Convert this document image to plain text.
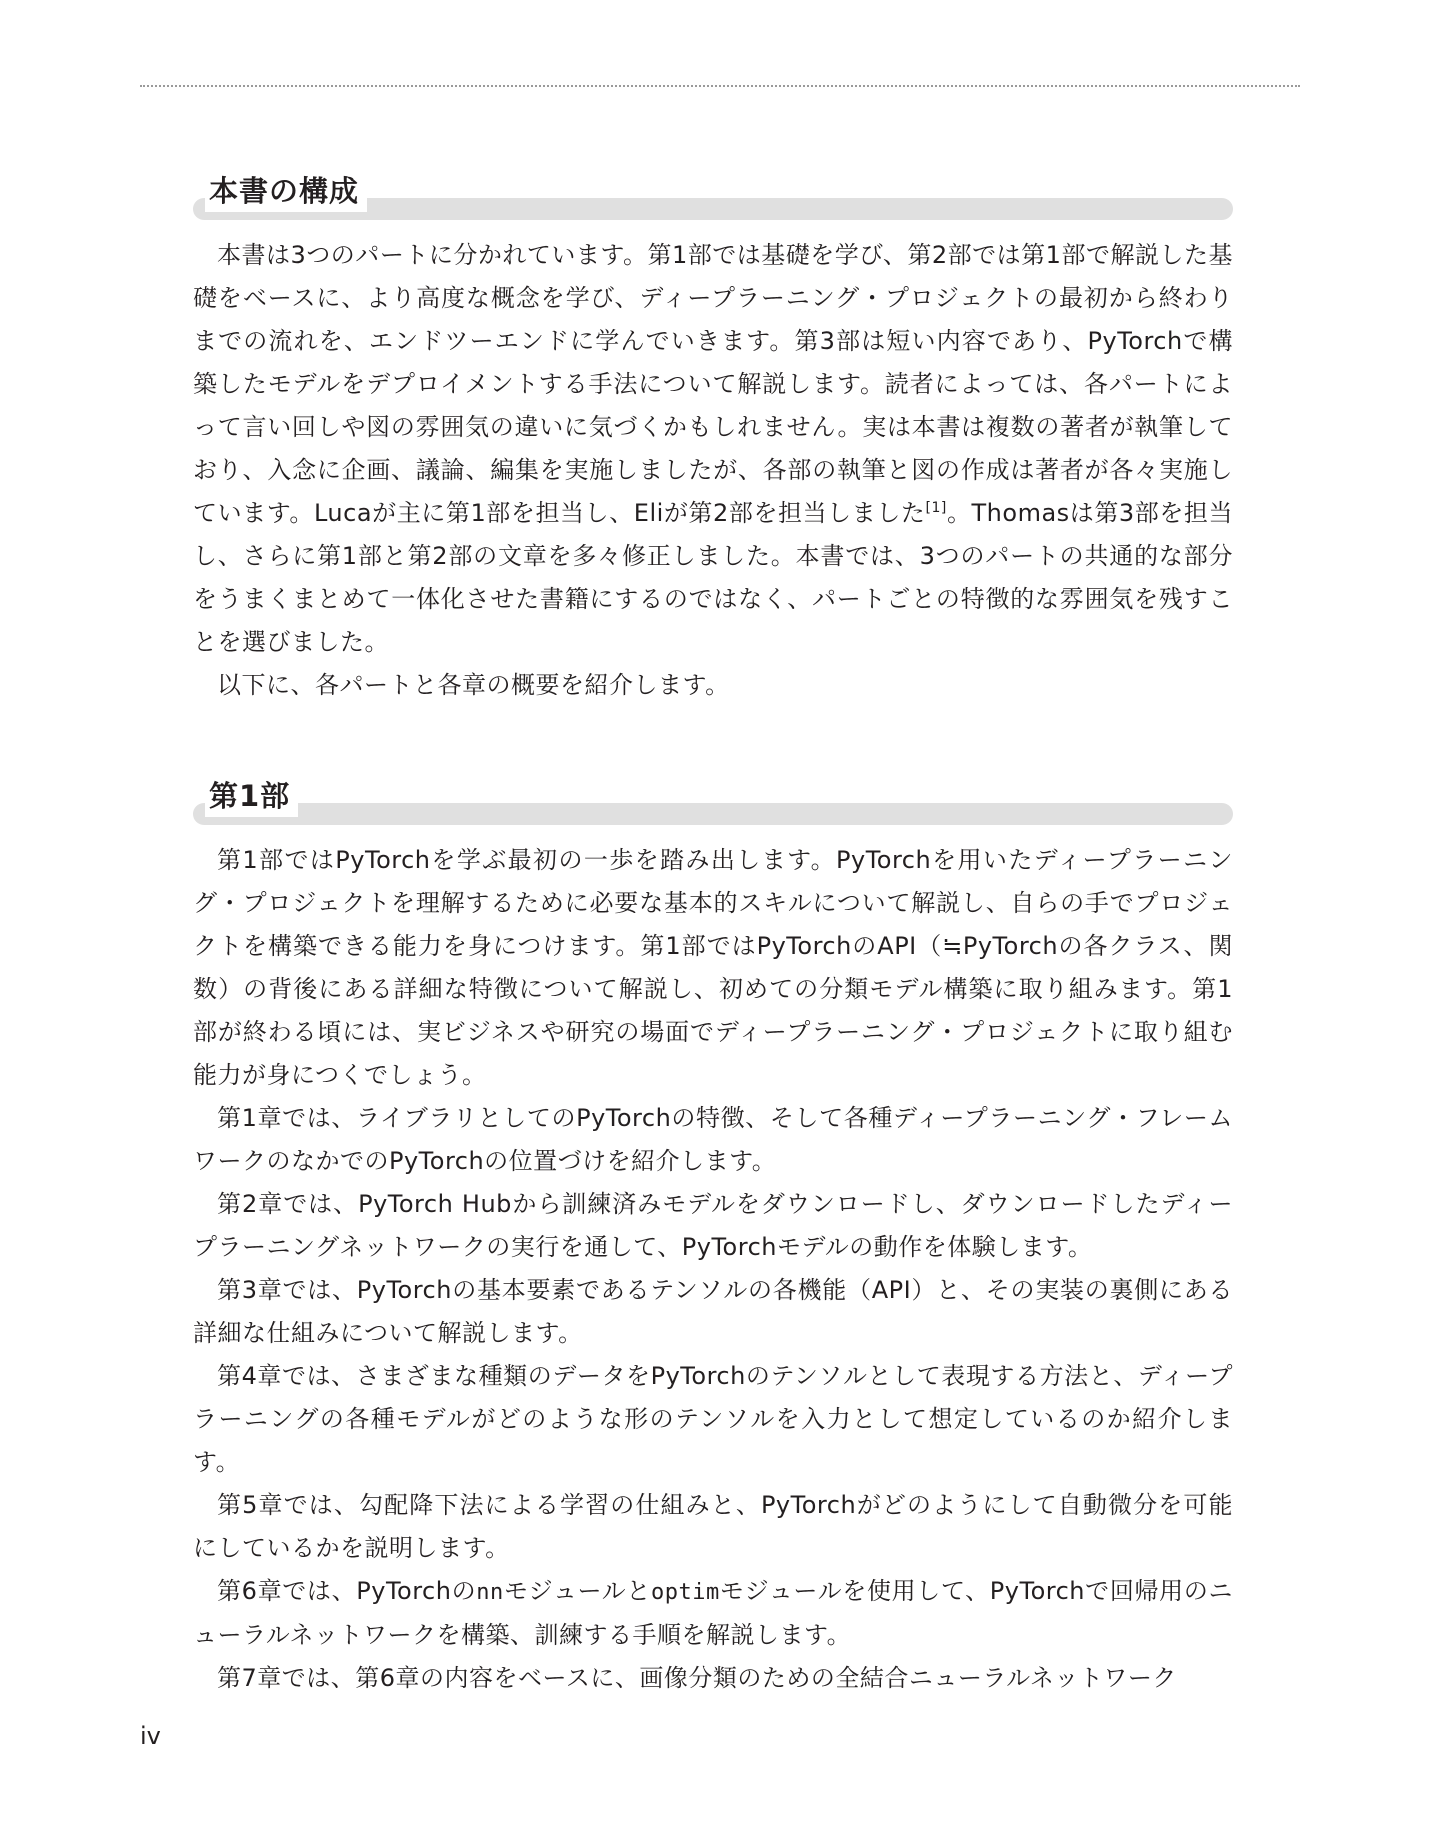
本書の構成

本書は3つのパートに分かれています。第1部では基礎を学び、第2部では第1部で解説した基礎をベースに、より高度な概念を学び、ディープラーニング・プロジェクトの最初から終わりまでの流れを、エンドツーエンドに学んでいきます。第3部は短い内容であり、PyTorchで構築したモデルをデプロイメントする手法について解説します。読者によっては、各パートによって言い回しや図の雰囲気の違いに気づくかもしれません。実は本書は複数の著者が執筆しており、入念に企画、議論、編集を実施しましたが、各部の執筆と図の作成は著者が各々実施しています。Lucaが主に第1部を担当し、Eliが第2部を担当しました[1]。Thomasは第3部を担当し、さらに第1部と第2部の文章を多々修正しました。本書では、3つのパートの共通的な部分をうまくまとめて一体化させた書籍にするのではなく、パートごとの特徴的な雰囲気を残すことを選びました。

以下に、各パートと各章の概要を紹介します。

第1部

第1部ではPyTorchを学ぶ最初の一歩を踏み出します。PyTorchを用いたディープラーニング・プロジェクトを理解するために必要な基本的スキルについて解説し、自らの手でプロジェクトを構築できる能力を身につけます。第1部ではPyTorchのAPI（≒PyTorchの各クラス、関数）の背後にある詳細な特徴について解説し、初めての分類モデル構築に取り組みます。第1部が終わる頃には、実ビジネスや研究の場面でディープラーニング・プロジェクトに取り組む能力が身につくでしょう。

第1章では、ライブラリとしてのPyTorchの特徴、そして各種ディープラーニング・フレームワークのなかでのPyTorchの位置づけを紹介します。

第2章では、PyTorch Hubから訓練済みモデルをダウンロードし、ダウンロードしたディープラーニングネットワークの実行を通して、PyTorchモデルの動作を体験します。

第3章では、PyTorchの基本要素であるテンソルの各機能（API）と、その実装の裏側にある詳細な仕組みについて解説します。

第4章では、さまざまな種類のデータをPyTorchのテンソルとして表現する方法と、ディープラーニングの各種モデルがどのような形のテンソルを入力として想定しているのか紹介します。

第5章では、勾配降下法による学習の仕組みと、PyTorchがどのようにして自動微分を可能にしているかを説明します。

第6章では、PyTorchのnnモジュールとoptimモジュールを使用して、PyTorchで回帰用のニューラルネットワークを構築、訓練する手順を解説します。

第7章では、第6章の内容をベースに、画像分類のための全結合ニューラルネットワーク

iv
